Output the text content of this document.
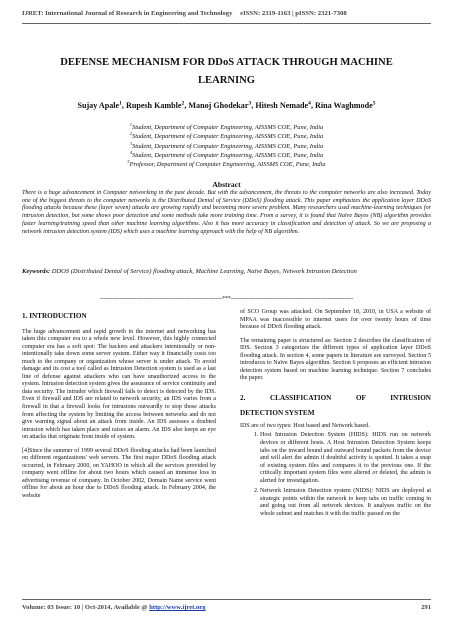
IJRET: International Journal of Research in Engineering and Technology eISSN: 2319-1163 | pISSN: 2321-7308
DEFENSE MECHANISM FOR DDoS ATTACK THROUGH MACHINE
LEARNING
Sujay Apale$^1$, Rupesh Kamble$^2$, Manoj Ghodekar$^3$, Hitesh Nemade$^4$, Rina Waghmode$^5$
$^1$Student, Department of Computer Engineering, AISSMS COE, Pune, India
$^2$Student, Department of Computer Engineering, AISSMS COE, Pune, India
$^3$Student, Department of Computer Engineering, AISSMS COE, Pune, India
$^4$Student, Department of Computer Engineering, AISSMS COE, Pune, India
$^5$Professor, Department of Computer Engineering, AISSMS COE, Pune, India
Abstract
There is a huge advancement in Computer networking in the past decade. But with the advancement, the threats to the computer networks are also increased. Today one of the biggest threats to the computer networks is the Distributed Denial of Service (DDoS) flooding attack. This paper emphasizes the application layer DDoS flooding attacks because these (layer seven) attacks are growing rapidly and becoming more severe problem. Many researchers used machine-learning techniques for intrusion detection, but some shows poor detection and some methods take more training time. From a survey, it is found that Naïve Bayes (NB) algorithm provides faster learning/training speed than other machine learning algorithms. Also it has more accuracy in classification and detection of attack. So we are proposing a network intrusion detection system (IDS) which uses a machine learning approach with the help of NB algorithm.
Keywords: DDOS (Distributed Denial of Service) flooding attack, Machine Learning, Naïve Bayes, Network Intrusion Detection
--------------------------------------------------------------------***--------------------------------------------------------------------
1. INTRODUCTION

The huge advancement and rapid growth in the internet and networking has taken this computer era to a whole new level. However, this highly connected computer era has a soft spot: The hackers and attackers intentionally or non-intentionally take down some server system. Either way it financially costs too much to the company or organization whose server is under attack. To avoid damage and its cost a tool called as Intrusion Detection system is used as a last line of defense against attackers who can have unauthorized access to the system. Intrusion detection system gives the assurance of service continuity and data security. The intruder which firewall fails to detect is detected by the IDS. Even if firewall and IDS are related to network security, an IDS varies from a firewall in that a firewall looks for intrusions outwardly to stop those attacks from affecting the system by limiting the access between networks and do not give warning signal about an attack from inside. An IDS assesses a doubted intrusion which has taken place and raises an alarm. An IDS also keeps an eye on attacks that originate from inside of system.

[4]Since the summer of 1999 several DDoS flooding attacks had been launched on different organizations' web servers. The first major DDoS flooding attack occurred, in February 2000, on YAHOO in which all the services provided by company went offline for about two hours which caused an immense loss in advertising revenue of company. In October 2002, Domain Name service went offline for about an hour due to DDoS flooding attack. In February 2004, the website

of SCO Group was attacked. On September 18, 2010, in USA a website of MPAA was inaccessible to internet users for over twenty hours of time because of DDoS flooding attack.

The remaining paper is structured as: Section 2 describes the classification of IDS. Section 3 categorizes the different types of application layer DDoS flooding attack. In section 4, some papers in literature are surveyed. Section 5 introduces to Naïve Bayes algorithm. Section 6 proposes an efficient intrusion detection system based on machine learning technique. Section 7 concludes the paper.

2. CLASSIFICATION OF INTRUSION
DETECTION SYSTEM

IDS are of two types: Host based and Network based.

1. Host Intrusion Detection System (HIDS): HIDS run on network devices or different hosts. A Host Intrusion Detection System keeps tabs on the inward bound and outward bound packets from the device and will alert the admin if doubtful activity is spotted. It takes a snap of existing system files and compares it to the previous one. If the critically important system files were altered or deleted, the admin is alerted for investigation.
2. Network Intrusion Detection system (NIDS): NIDS are deployed at strategic points within the network to keep tabs on traffic coming in and going out from all network devices. It analyses traffic on the whole subnet and matches it with the traffic passed on the
Volume: 03 Issue: 10 | Oct-2014, Available @ http://www.ijret.org	291
